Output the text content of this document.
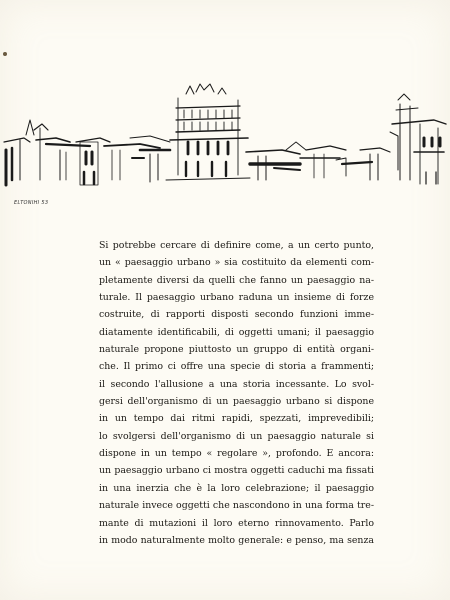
ELTONIHI 53
Si potrebbe cercare di definire come, a un certo punto,
un « paesaggio urbano » sia costituito da elementi com-
pletamente diversi da quelli che fanno un paesaggio na-
turale. Il paesaggio urbano raduna un insieme di forze
costruite, di rapporti disposti secondo funzioni imme-
diatamente identificabili, di oggetti umani; il paesaggio
naturale propone piuttosto un gruppo di entità organi-
che. Il primo ci offre una specie di storia a frammenti;
il secondo l'allusione a una storia incessante. Lo svol-
gersi dell'organismo di un paesaggio urbano si dispone
in un tempo dai ritmi rapidi, spezzati, imprevedibili;
lo svolgersi dell'organismo di un paesaggio naturale si
dispone in un tempo « regolare », profondo. E ancora:
un paesaggio urbano ci mostra oggetti caduchi ma fissati
in una inerzia che è la loro celebrazione; il paesaggio
naturale invece oggetti che nascondono in una forma tre-
mante di mutazioni il loro eterno rinnovamento. Parlo
in modo naturalmente molto generale: e penso, ma senza
